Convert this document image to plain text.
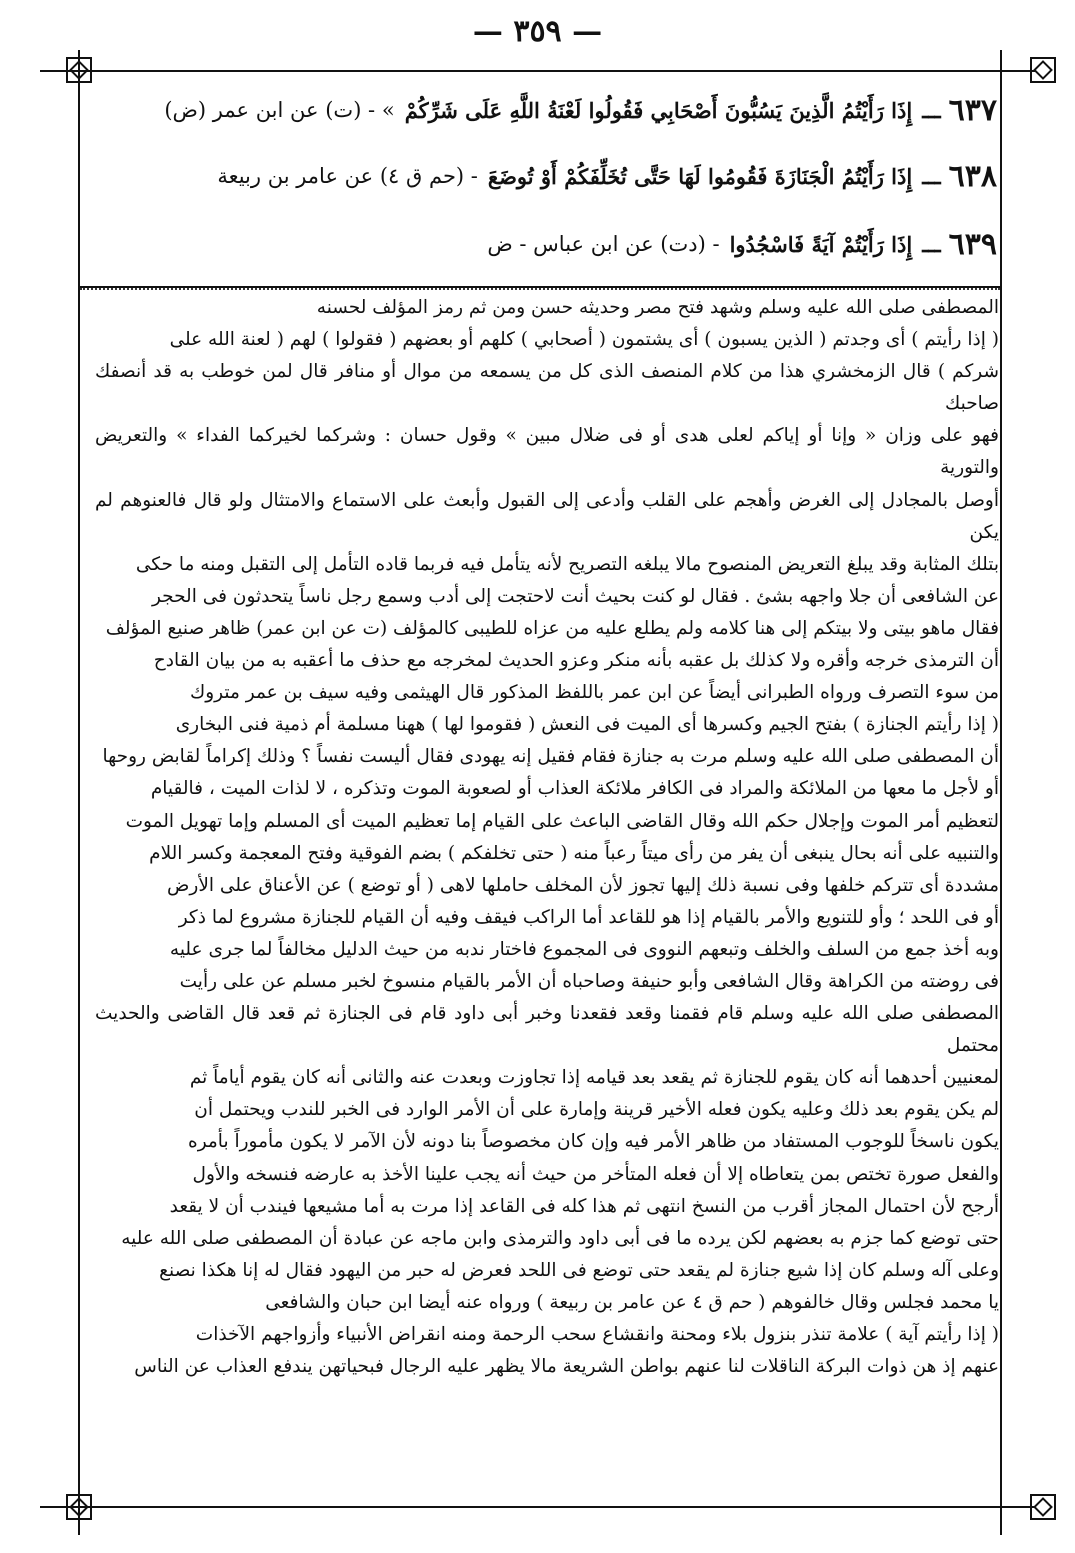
— ٣٥٩ —
٦٣٧
ـــ
إِذَا رَأَيْتُمُ الَّذِينَ يَسُبُّونَ أَصْحَابِي فَقُولُوا لَعْنَةُ اللَّهِ عَلَى شَرِّكُمْ
» - (ت) عن ابن عمر (ض)
٦٣٨
ـــ
إِذَا رَأَيْتُمُ الْجَنَازَةَ فَقُومُوا لَهَا حَتَّى تُخَلِّفَكُمْ أَوْ تُوضَعَ
- (حم ق ٤) عن عامر بن ربيعة
٦٣٩
ـــ
إِذَا رَأَيْتُمْ آيَةً فَاسْجُدُوا
- (دت) عن ابن عباس - ض

المصطفى صلى الله عليه وسلم وشهد فتح مصر وحديثه حسن ومن ثم رمز المؤلف لحسنه

( إذا رأيتم ) أى وجدتم ( الذين يسبون ) أى يشتمون ( أصحابي ) كلهم أو بعضهم ( فقولوا ) لهم ( لعنة الله على

شركم ) قال الزمخشري هذا من كلام المنصف الذى كل من يسمعه من موال أو منافر قال لمن خوطب به قد أنصفك صاحبك

فهو على وزان « وإنا أو إياكم لعلى هدى أو فى ضلال مبين » وقول حسان : وشركما لخيركما الفداء » والتعريض والتورية

أوصل بالمجادل إلى الغرض وأهجم على القلب وأدعى إلى القبول وأبعث على الاستماع والامتثال ولو قال فالعنوهم لم يكن

بتلك المثابة وقد يبلغ التعريض المنصوح مالا يبلغه التصريح لأنه يتأمل فيه فربما قاده التأمل إلى التقبل ومنه ما حكى

عن الشافعى أن جلا واجهه بشئ . فقال لو كنت بحيث أنت لاحتجت إلى أدب وسمع رجل ناساً يتحدثون فى الحجر

فقال ماهو بيتى ولا بيتكم إلى هنا كلامه ولم يطلع عليه من عزاه للطيبى كالمؤلف (ت عن ابن عمر) ظاهر صنيع المؤلف

أن الترمذى خرجه وأقره ولا كذلك بل عقبه بأنه منكر وعزو الحديث لمخرجه مع حذف ما أعقبه به من بيان القادح

من سوء التصرف ورواه الطبرانى أيضاً عن ابن عمر باللفظ المذكور قال الهيثمى وفيه سيف بن عمر متروك

( إذا رأيتم الجنازة ) بفتح الجيم وكسرها أى الميت فى النعش ( فقوموا لها ) ههنا مسلمة أم ذمية فنى البخارى

أن المصطفى صلى الله عليه وسلم مرت به جنازة فقام فقيل إنه يهودى فقال أليست نفساً ؟ وذلك إكراماً لقابض روحها

أو لأجل ما معها من الملائكة والمراد فى الكافر ملائكة العذاب أو لصعوبة الموت وتذكره ، لا لذات الميت ، فالقيام

لتعظيم أمر الموت وإجلال حكم الله وقال القاضى الباعث على القيام إما تعظيم الميت أى المسلم وإما تهويل الموت

والتنبيه على أنه بحال ينبغى أن يفر من رأى ميتاً رعباً منه ( حتى تخلفكم ) بضم الفوقية وفتح المعجمة وكسر اللام

مشددة أى تتركم خلفها وفى نسبة ذلك إليها تجوز لأن المخلف حاملها لاهى ( أو توضع ) عن الأعناق على الأرض

أو فى اللحد ؛ وأو للتنويع والأمر بالقيام إذا هو للقاعد أما الراكب فيقف وفيه أن القيام للجنازة مشروع لما ذكر

وبه أخذ جمع من السلف والخلف وتبعهم النووى فى المجموع فاختار ندبه من حيث الدليل مخالفاً لما جرى عليه

فى روضته من الكراهة وقال الشافعى وأبو حنيفة وصاحباه أن الأمر بالقيام منسوخ لخبر مسلم عن على رأيت

المصطفى صلى الله عليه وسلم قام فقمنا وقعد فقعدنا وخبر أبى داود قام فى الجنازة ثم قعد قال القاضى والحديث محتمل

لمعنيين أحدهما أنه كان يقوم للجنازة ثم يقعد بعد قيامه إذا تجاوزت وبعدت عنه والثانى أنه كان يقوم أياماً ثم

لم يكن يقوم بعد ذلك وعليه يكون فعله الأخير قرينة وإمارة على أن الأمر الوارد فى الخبر للندب ويحتمل أن

يكون ناسخاً للوجوب المستفاد من ظاهر الأمر فيه وإن كان مخصوصاً بنا دونه لأن الآمر لا يكون مأموراً بأمره

والفعل صورة تختص بمن يتعاطاه إلا أن فعله المتأخر من حيث أنه يجب علينا الأخذ به عارضه فنسخه والأول

أرجح لأن احتمال المجاز أقرب من النسخ انتهى ثم هذا كله فى القاعد إذا مرت به أما مشيعها فيندب أن لا يقعد

حتى توضع كما جزم به بعضهم لكن يرده ما فى أبى داود والترمذى وابن ماجه عن عبادة أن المصطفى صلى الله عليه

وعلى آله وسلم كان إذا شيع جنازة لم يقعد حتى توضع فى اللحد فعرض له حبر من اليهود فقال له إنا هكذا نصنع

يا محمد فجلس وقال خالفوهم ( حم ق ٤ عن عامر بن ربيعة ) ورواه عنه أيضا ابن حبان والشافعى

( إذا رأيتم آية ) علامة تنذر بنزول بلاء ومحنة وانقشاع سحب الرحمة ومنه انقراض الأنبياء وأزواجهم الآخذات

عنهم إذ هن ذوات البركة الناقلات لنا عنهم بواطن الشريعة مالا يظهر عليه الرجال فبحياتهن يندفع العذاب عن الناس
